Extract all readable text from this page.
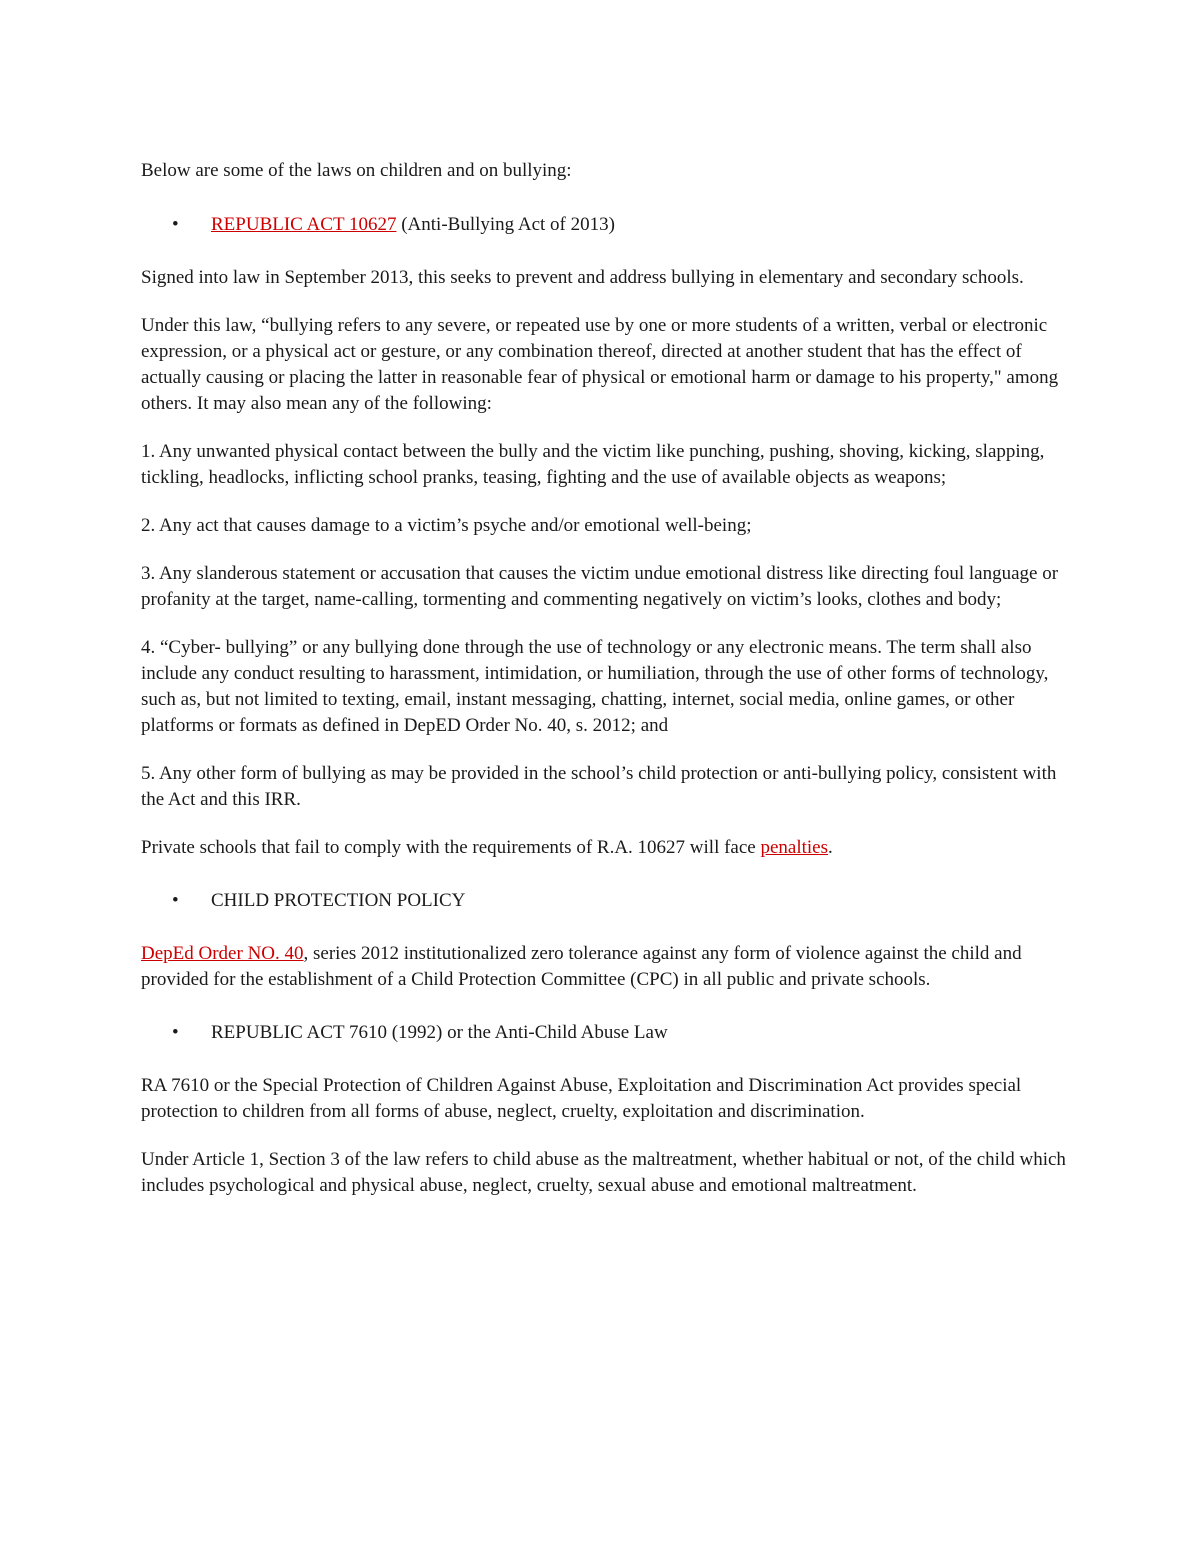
Below are some of the laws on children and on bullying:

• REPUBLIC ACT 10627 (Anti-Bullying Act of 2013)

Signed into law in September 2013, this seeks to prevent and address bullying in elementary and secondary schools.

Under this law, “bullying refers to any severe, or repeated use by one or more students of a written, verbal or electronic expression, or a physical act or gesture, or any combination thereof, directed at another student that has the effect of actually causing or placing the latter in reasonable fear of physical or emotional harm or damage to his property," among others. It may also mean any of the following:

1. Any unwanted physical contact between the bully and the victim like punching, pushing, shoving, kicking, slapping, tickling, headlocks, inflicting school pranks, teasing, fighting and the use of available objects as weapons;

2. Any act that causes damage to a victim’s psyche and/or emotional well-being;

3. Any slanderous statement or accusation that causes the victim undue emotional distress like directing foul language or profanity at the target, name-calling, tormenting and commenting negatively on victim’s looks, clothes and body;

4. “Cyber- bullying” or any bullying done through the use of technology or any electronic means. The term shall also include any conduct resulting to harassment, intimidation, or humiliation, through the use of other forms of technology, such as, but not limited to texting, email, instant messaging, chatting, internet, social media, online games, or other platforms or formats as defined in DepED Order No. 40, s. 2012; and

5. Any other form of bullying as may be provided in the school’s child protection or anti-bullying policy, consistent with the Act and this IRR.

Private schools that fail to comply with the requirements of R.A. 10627 will face penalties.

• CHILD PROTECTION POLICY

DepEd Order NO. 40, series 2012 institutionalized zero tolerance against any form of violence against the child and provided for the establishment of a Child Protection Committee (CPC) in all public and private schools.

• REPUBLIC ACT 7610 (1992) or the Anti-Child Abuse Law

RA 7610 or the Special Protection of Children Against Abuse, Exploitation and Discrimination Act provides special protection to children from all forms of abuse, neglect, cruelty, exploitation and discrimination.

Under Article 1, Section 3 of the law refers to child abuse as the maltreatment, whether habitual or not, of the child which includes psychological and physical abuse, neglect, cruelty, sexual abuse and emotional maltreatment.
